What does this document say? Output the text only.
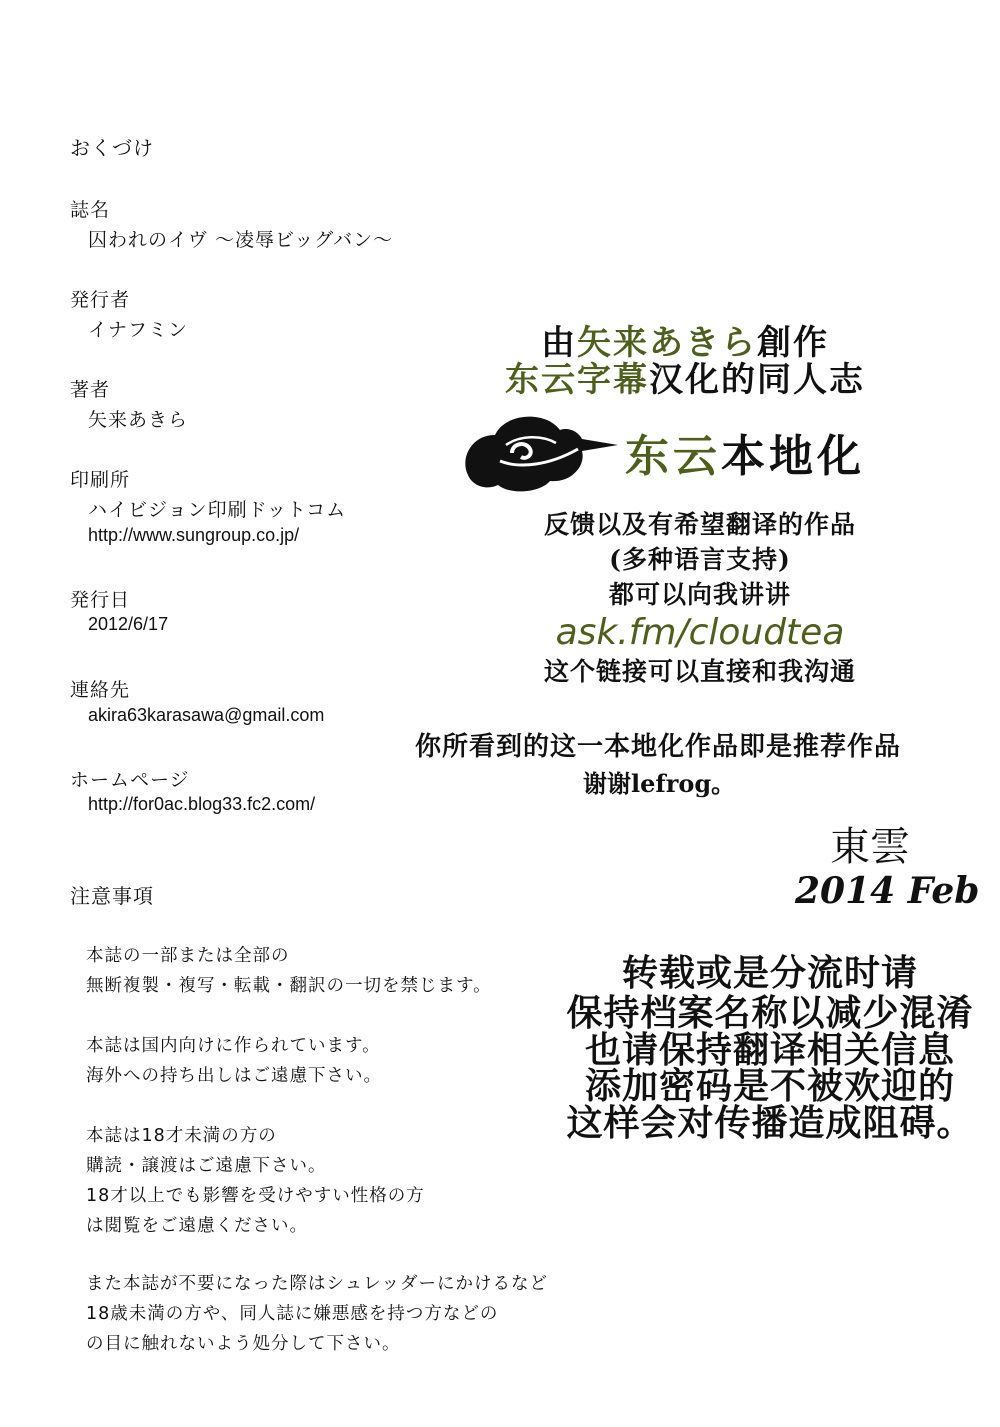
おくづけ
誌名
囚われのイヴ ～凌辱ビッグバン～
発行者
イナフミン
著者
矢来あきら
印刷所
ハイビジョン印刷ドットコム
http://www.sungroup.co.jp/
発行日
2012/6/17
連絡先
akira63karasawa@gmail.com
ホームページ
http://for0ac.blog33.fc2.com/
注意事項
本誌の一部または全部の
無断複製・複写・転載・翻訳の一切を禁じます。
本誌は国内向けに作られています。
海外への持ち出しはご遠慮下さい。
本誌は18才未満の方の
購読・譲渡はご遠慮下さい。
18才以上でも影響を受けやすい性格の方
は閲覧をご遠慮ください。
また本誌が不要になった際はシュレッダーにかけるなど
18歳未満の方や、同人誌に嫌悪感を持つ方などの
の目に触れないよう処分して下さい。
由矢来あきら創作
东云字幕汉化的同人志
东云本地化
反馈以及有希望翻译的作品
(多种语言支持)
都可以向我讲讲
ask.fm/cloudtea
这个链接可以直接和我沟通
你所看到的这一本地化作品即是推荐作品
谢谢lefrog。
東雲
2014 Feb
转载或是分流时请
保持档案名称以减少混淆
也请保持翻译相关信息
添加密码是不被欢迎的
这样会对传播造成阻碍。
